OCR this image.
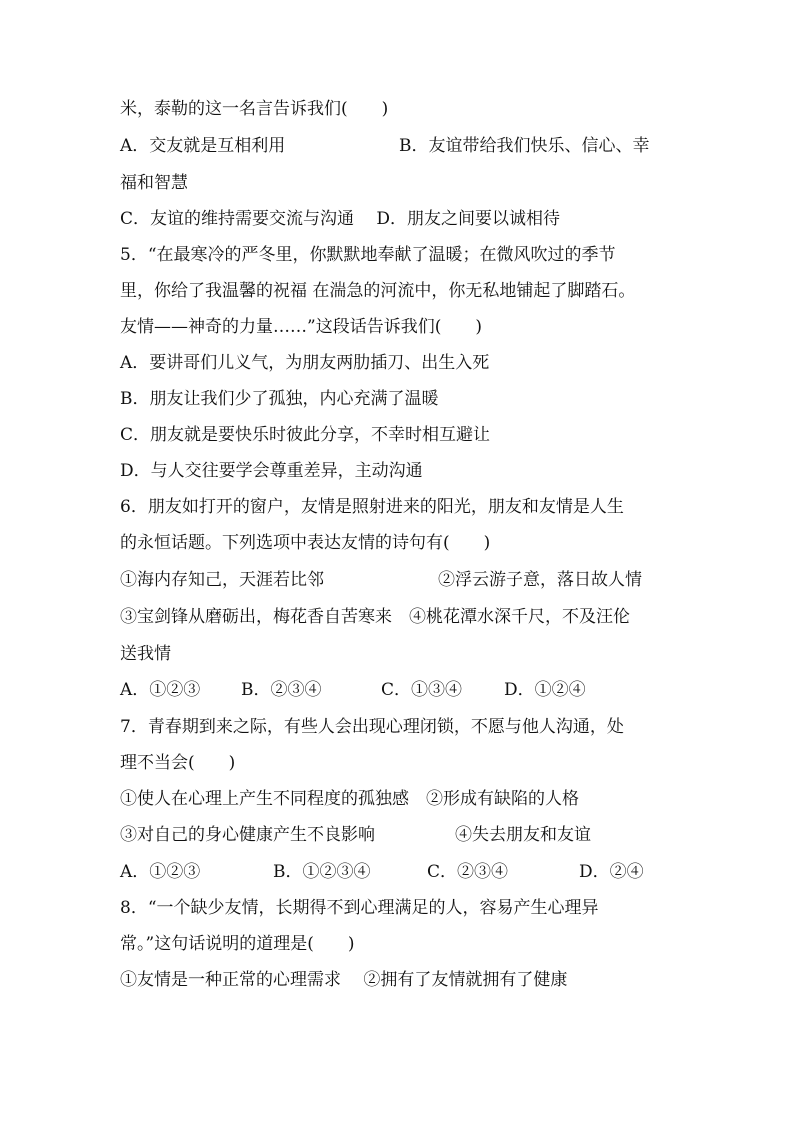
米，泰勒的这一名言告诉我们(　　)
A．交友就是互相利用	B．友谊带给我们快乐、信心、幸
福和智慧
C．友谊的维持需要交流与沟通　 D．朋友之间要以诚相待
5．“在最寒冷的严冬里，你默默地奉献了温暖；在微风吹过的季节
里，你给了我温馨的祝福 在湍急的河流中，你无私地铺起了脚踏石。
友情——神奇的力量……”这段话告诉我们(　　)
A．要讲哥们儿义气，为朋友两肋插刀、出生入死
B．朋友让我们少了孤独，内心充满了温暖
C．朋友就是要快乐时彼此分享，不幸时相互避让
D．与人交往要学会尊重差异，主动沟通
6．朋友如打开的窗户，友情是照射进来的阳光，朋友和友情是人生
的永恒话题。下列选项中表达友情的诗句有(　　)
①海内存知己，天涯若比邻	②浮云游子意，落日故人情
③宝剑锋从磨砺出，梅花香自苦寒来　④桃花潭水深千尺，不及汪伦
送我情
A．①②③ B．②③④	C．①③④ D．①②④
7．青春期到来之际，有些人会出现心理闭锁，不愿与他人沟通，处
理不当会(　　)
①使人在心理上产生不同程度的孤独感　②形成有缺陷的人格
③对自己的身心健康产生不良影响	④失去朋友和友谊
A．①②③	B．①②③④	C．②③④	D．②④
8．“一个缺少友情，长期得不到心理满足的人，容易产生心理异
常。”这句话说明的道理是(　　)
①友情是一种正常的心理需求　 ②拥有了友情就拥有了健康
